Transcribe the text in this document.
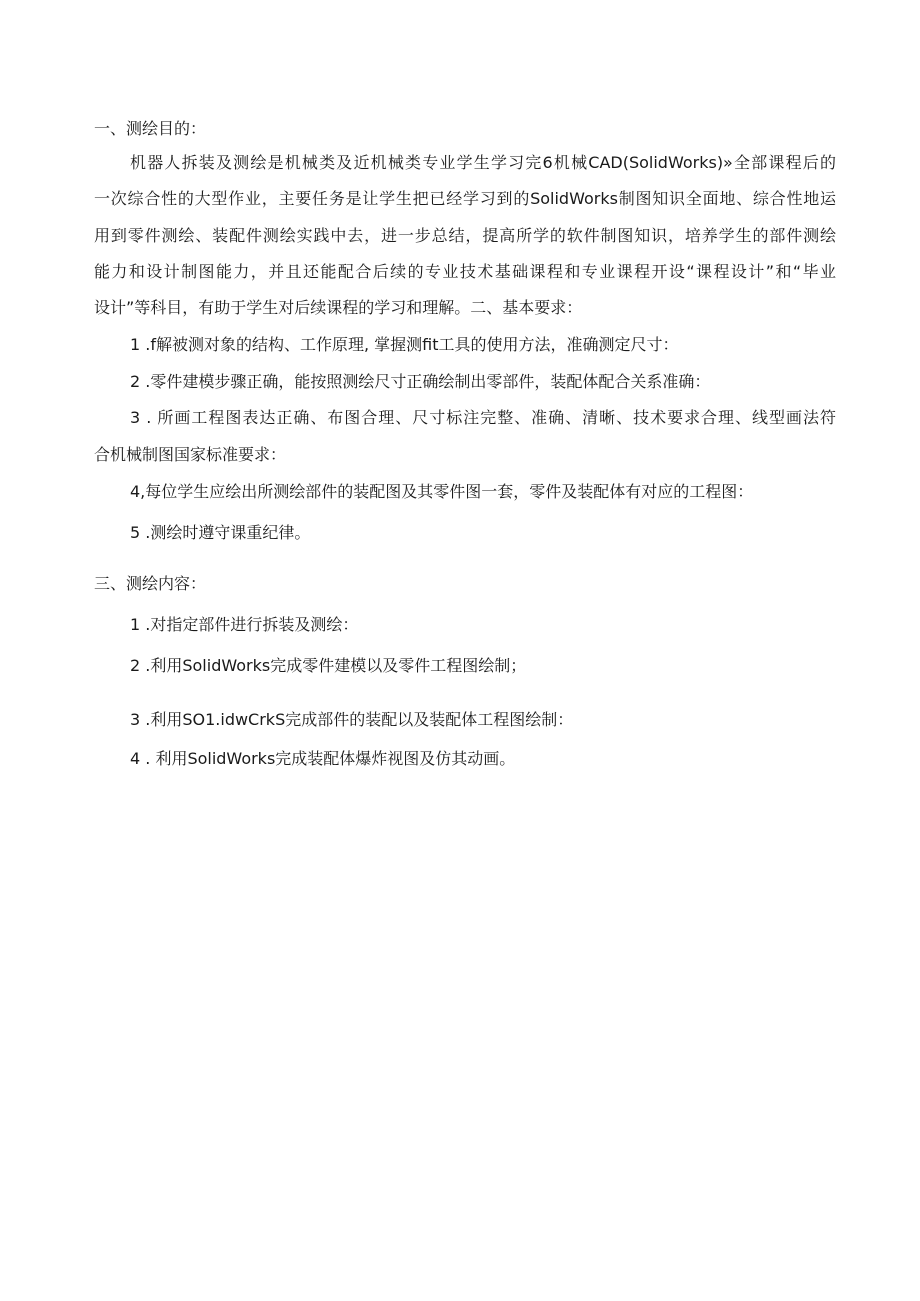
一、测绘目的：
机器人拆装及测绘是机械类及近机械类专业学生学习完6机械CAD(SolidWorks)»全部课程后的
一次综合性的大型作业，主要任务是让学生把已经学习到的SolidWorks制图知识全面地、综合性地运
用到零件测绘、装配件测绘实践中去，进一步总结，提高所学的软件制图知识，培养学生的部件测绘
能力和设计制图能力，并且还能配合后续的专业技术基础课程和专业课程开设“课程设计”和“毕业
设计”等科目，有助于学生对后续课程的学习和理解。二、基本要求：
1 .f解被测对象的结构、工作原理, 掌握测fit工具的使用方法，准确测定尺寸：
2 .零件建模步骤正确，能按照测绘尺寸正确绘制出零部件，装配体配合关系准确：
3 . 所画工程图表达正确、布图合理、尺寸标注完整、准确、清晰、技术要求合理、线型画法符
合机械制图国家标准要求：
4,每位学生应绘出所测绘部件的装配图及其零件图一套，零件及装配体有对应的工程图：
5 .测绘时遵守课重纪律。
三、测绘内容：
1 .对指定部件进行拆装及测绘：
2 .利用SolidWorks完成零件建模以及零件工程图绘制；
3 .利用SO1.idwCrkS完成部件的装配以及装配体工程图绘制：
4 . 利用SolidWorks完成装配体爆炸视图及仿其动画。
